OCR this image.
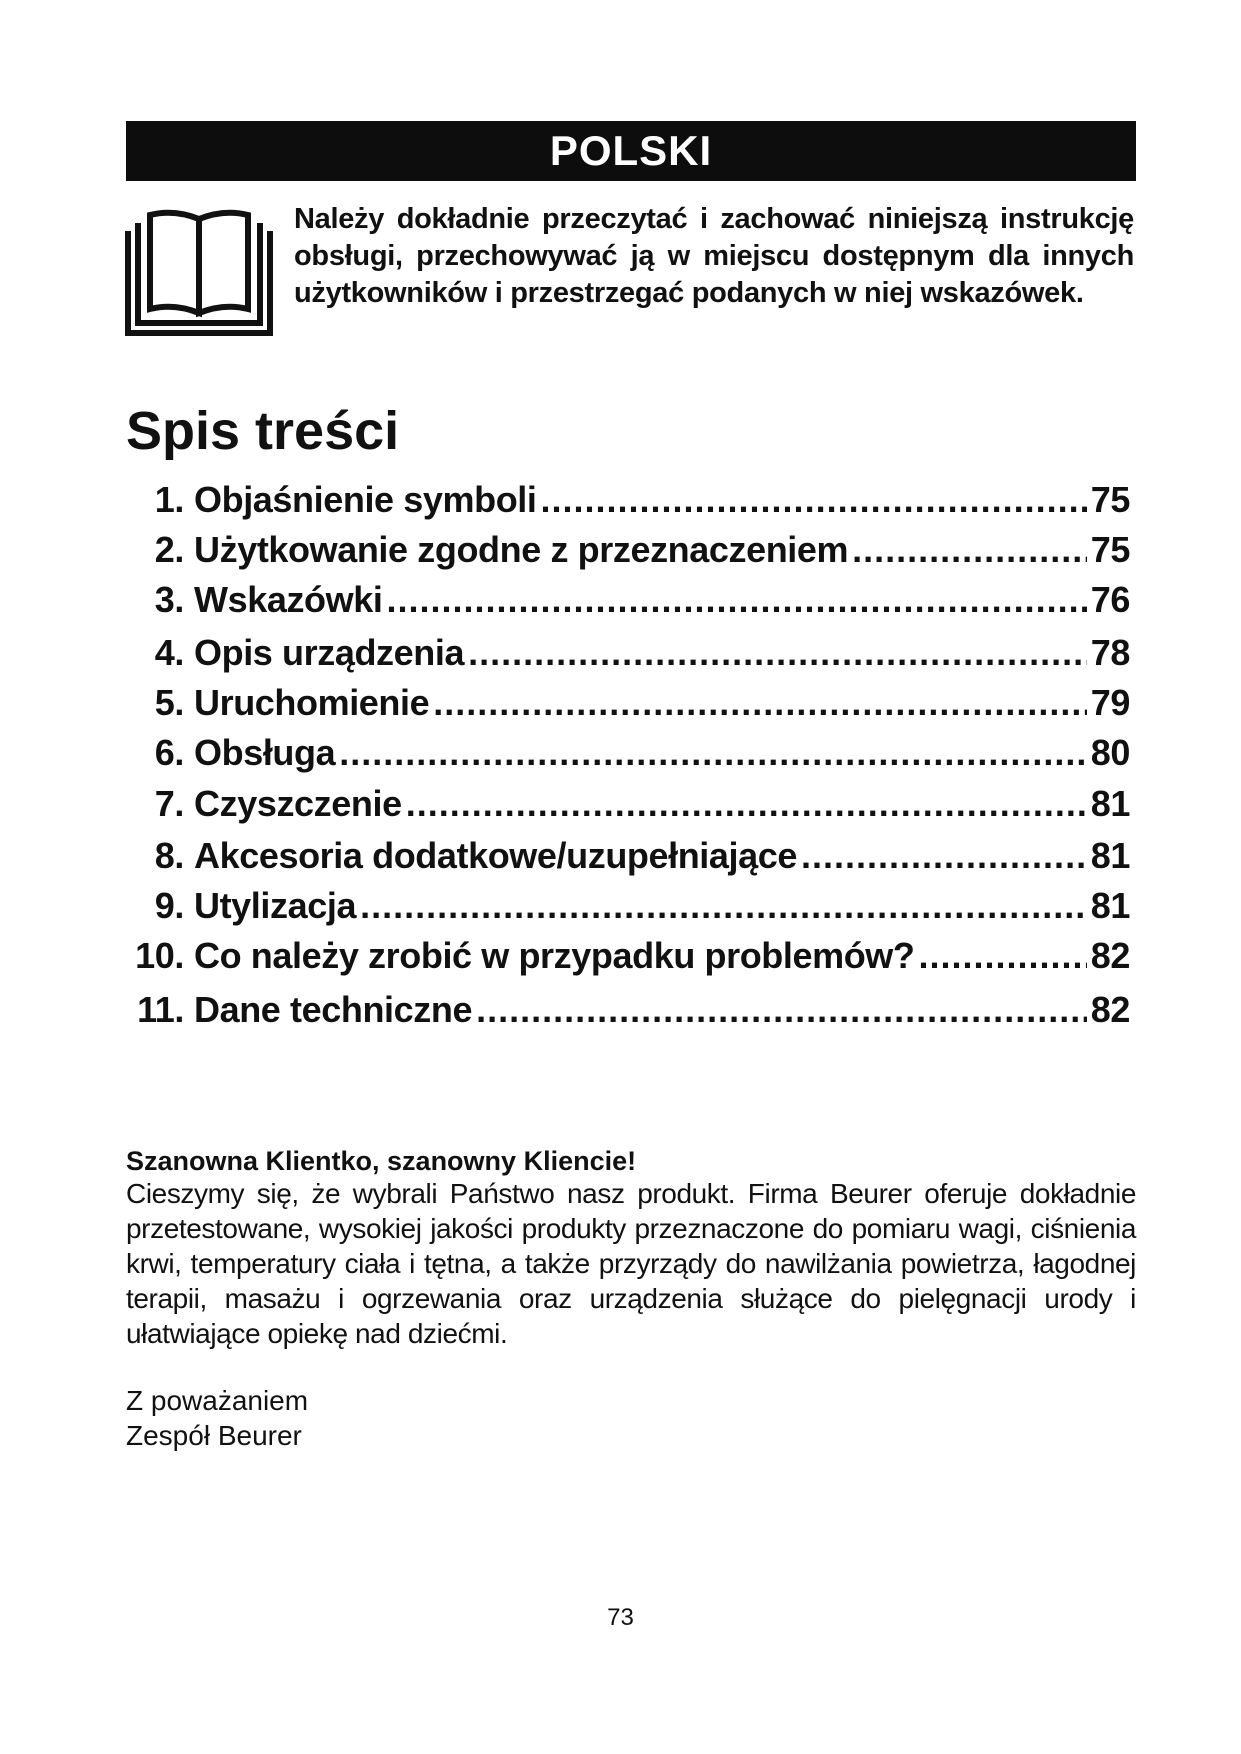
POLSKI
Należy dokładnie przeczytać i zachować niniejszą instrukcję obsługi, przechowywać ją w miejscu dostępnym dla innych użytkowników i przestrzegać podanych w niej wskazówek.
Spis treści
1. Objaśnienie symboli .....	75
2. Użytkowanie zgodne z przeznaczeniem .....	75
3. Wskazówki .....	76
4. Opis urządzenia .....	78
5. Uruchomienie .....	79
6. Obsługa .....	80
7. Czyszczenie .....	81
8. Akcesoria dodatkowe/uzupełniające .....	81
9. Utylizacja .....	81
10. Co należy zrobić w przypadku problemów? .....	82
11. Dane techniczne .....	82
Szanowna Klientko, szanowny Kliencie!
Cieszymy się, że wybrali Państwo nasz produkt. Firma Beurer oferuje dokładnie przetestowane, wysokiej jakości produkty przeznaczone do pomiaru wagi, ciśnienia krwi, temperatury ciała i tętna, a także przyrządy do nawilżania powietrza, łagodnej terapii, masażu i ogrzewania oraz urządzenia służące do pielęgnacji urody i ułatwiające opiekę nad dziećmi.
Z poważaniem
Zespół Beurer
73
